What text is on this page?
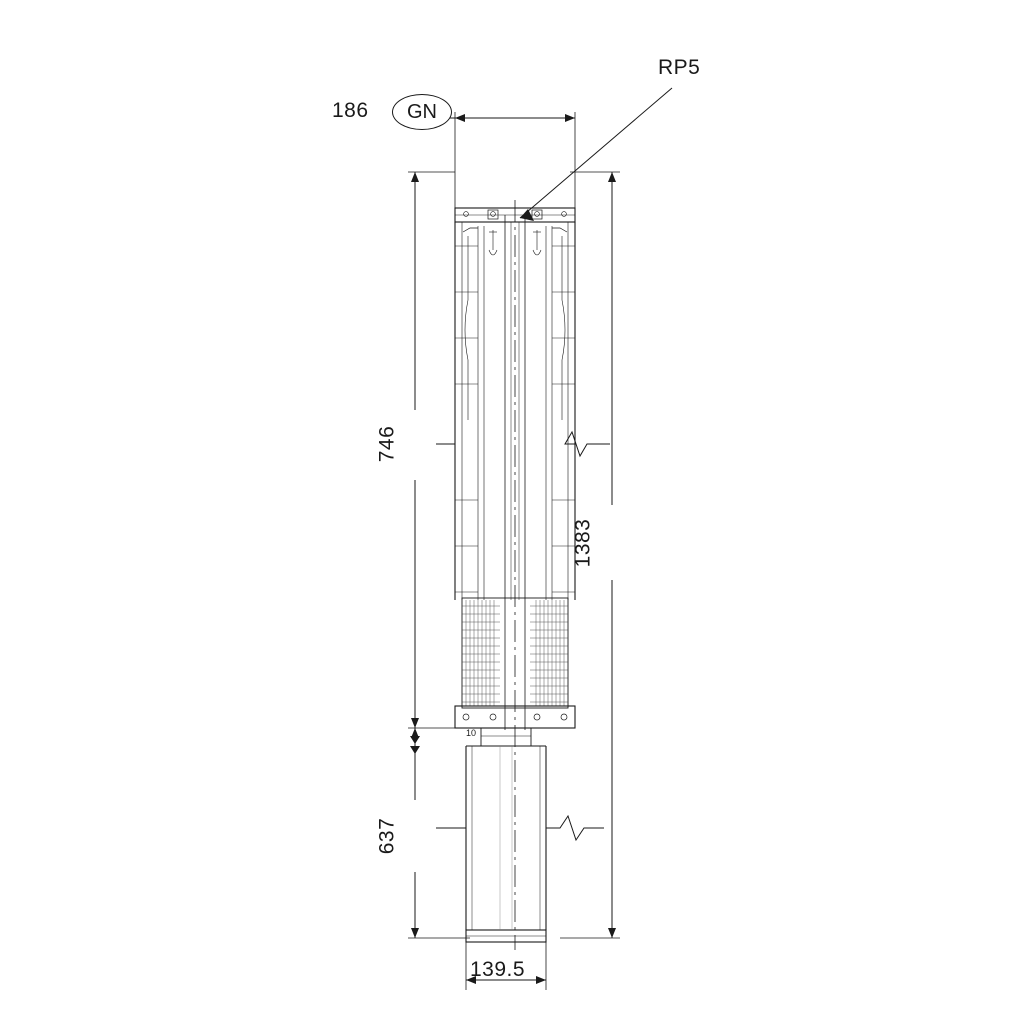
10
186 GN
RP5
746
1383
637
139.5
